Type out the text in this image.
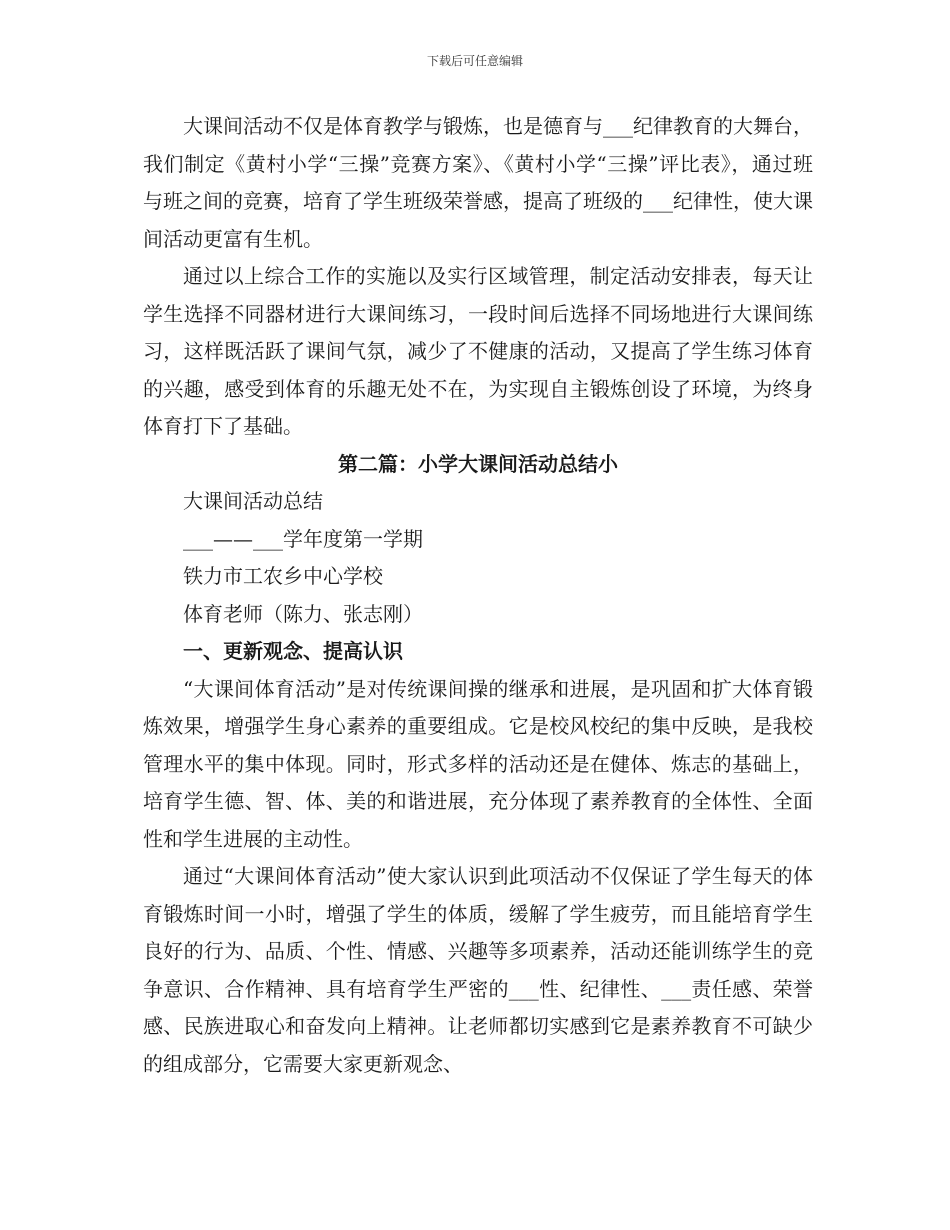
下载后可任意编辑

大课间活动不仅是体育教学与锻炼，也是德育与___纪律教育的大舞台，我们制定《黄村小学“三操”竞赛方案》、《黄村小学“三操”评比表》，通过班与班之间的竞赛，培育了学生班级荣誉感，提高了班级的___纪律性，使大课间活动更富有生机。

通过以上综合工作的实施以及实行区域管理，制定活动安排表，每天让学生选择不同器材进行大课间练习，一段时间后选择不同场地进行大课间练习，这样既活跃了课间气氛，减少了不健康的活动，又提高了学生练习体育的兴趣，感受到体育的乐趣无处不在，为实现自主锻炼创设了环境，为终身体育打下了基础。

第二篇：小学大课间活动总结小

大课间活动总结

___——___学年度第一学期

铁力市工农乡中心学校

体育老师（陈力、张志刚）

一、更新观念、提高认识

“大课间体育活动”是对传统课间操的继承和进展，是巩固和扩大体育锻炼效果，增强学生身心素养的重要组成。它是校风校纪的集中反映，是我校管理水平的集中体现。同时，形式多样的活动还是在健体、炼志的基础上，培育学生德、智、体、美的和谐进展，充分体现了素养教育的全体性、全面性和学生进展的主动性。

通过“大课间体育活动”使大家认识到此项活动不仅保证了学生每天的体育锻炼时间一小时，增强了学生的体质，缓解了学生疲劳，而且能培育学生良好的行为、品质、个性、情感、兴趣等多项素养，活动还能训练学生的竞争意识、合作精神、具有培育学生严密的___性、纪律性、___责任感、荣誉感、民族进取心和奋发向上精神。让老师都切实感到它是素养教育不可缺少的组成部分，它需要大家更新观念、
